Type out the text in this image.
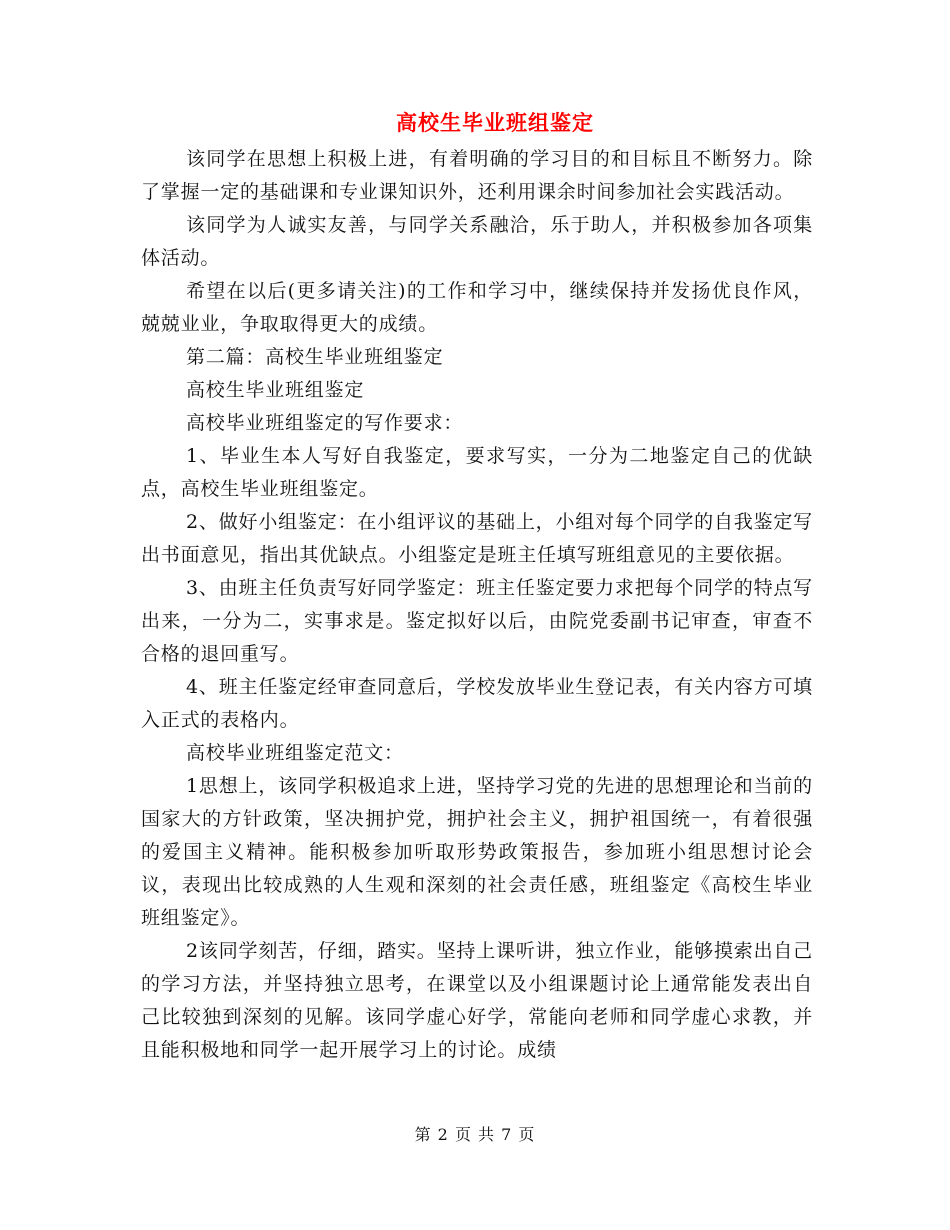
高校生毕业班组鉴定

该同学在思想上积极上进，有着明确的学习目的和目标且不断努力。除了掌握一定的基础课和专业课知识外，还利用课余时间参加社会实践活动。

该同学为人诚实友善，与同学关系融洽，乐于助人，并积极参加各项集体活动。

希望在以后(更多请关注)的工作和学习中，继续保持并发扬优良作风，兢兢业业，争取取得更大的成绩。

第二篇：高校生毕业班组鉴定

高校生毕业班组鉴定

高校毕业班组鉴定的写作要求：

1、毕业生本人写好自我鉴定，要求写实，一分为二地鉴定自己的优缺点，高校生毕业班组鉴定。

2、做好小组鉴定：在小组评议的基础上，小组对每个同学的自我鉴定写出书面意见，指出其优缺点。小组鉴定是班主任填写班组意见的主要依据。

3、由班主任负责写好同学鉴定：班主任鉴定要力求把每个同学的特点写出来，一分为二，实事求是。鉴定拟好以后，由院党委副书记审查，审查不合格的退回重写。

4、班主任鉴定经审查同意后，学校发放毕业生登记表，有关内容方可填入正式的表格内。

高校毕业班组鉴定范文：

1思想上，该同学积极追求上进，坚持学习党的先进的思想理论和当前的国家大的方针政策，坚决拥护党，拥护社会主义，拥护祖国统一，有着很强的爱国主义精神。能积极参加听取形势政策报告，参加班小组思想讨论会议，表现出比较成熟的人生观和深刻的社会责任感，班组鉴定《高校生毕业班组鉴定》。

2该同学刻苦，仔细，踏实。坚持上课听讲，独立作业，能够摸索出自己的学习方法，并坚持独立思考，在课堂以及小组课题讨论上通常能发表出自己比较独到深刻的见解。该同学虚心好学，常能向老师和同学虚心求教，并且能积极地和同学一起开展学习上的讨论。成绩

第 2 页 共 7 页
